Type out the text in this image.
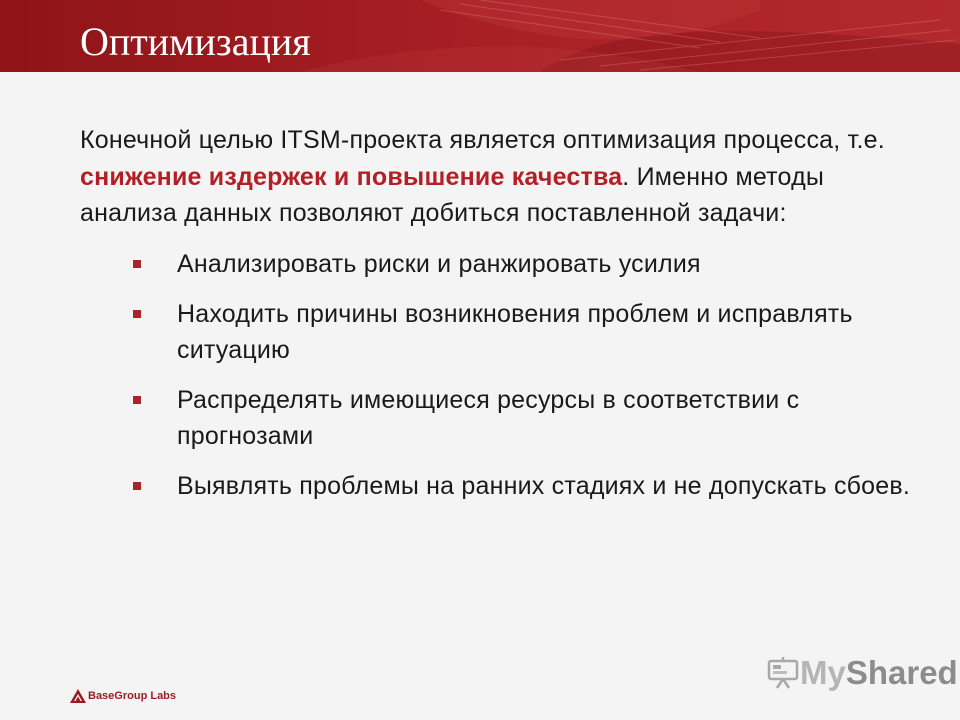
Оптимизация

Конечной целью ITSM-проекта является оптимизация процесса, т.е. снижение издержек и повышение качества. Именно методы анализа данных позволяют добиться поставленной задачи:

Анализировать риски и ранжировать усилия
Находить причины возникновения проблем и исправлять ситуацию
Распределять имеющиеся ресурсы в соответствии с прогнозами
Выявлять проблемы на ранних стадиях и не допускать сбоев.
BaseGroup Labs
My Shared
